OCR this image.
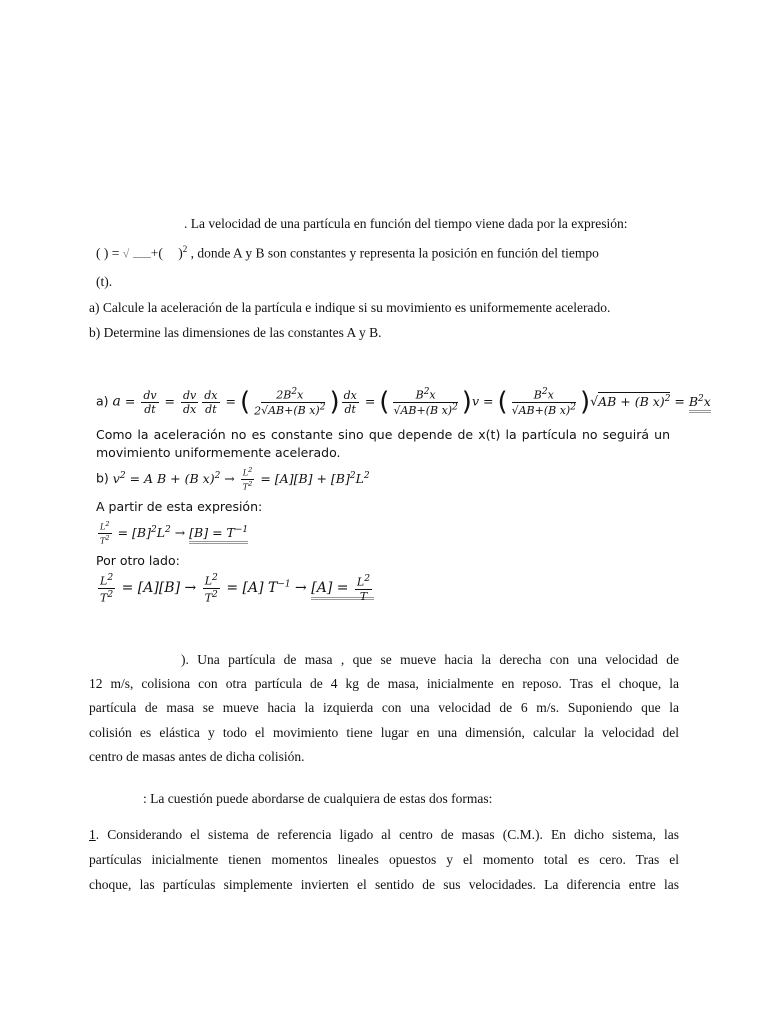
. La velocidad de una partícula en función del tiempo viene dada por la expresión:
( ) = √ +( )$^2$ , donde A y B son constantes y representa la posición en función del tiempo
(t).
a) Calcule la aceleración de la partícula e indique si su movimiento es uniformemente acelerado.
b) Determine las dimensiones de las constantes A y B.
a) $a = \frac{dv}{dt} = \frac{dv}{dx} \frac{dx}{dt}$ = ( $\frac{2B^2x}{2√AB+(B x)^2}$ ) $\frac{dx}{dt}$ = ( $\frac{B^2x}{√AB+(B x)^2} )v$ = ( $\frac{B^2x}{√AB+(B x)^2} )√AB + (B$ $x)^2 = B^2x$
Como la aceleración no es constante sino que depende de x(t) la partícula no seguirá un
movimiento uniformemente acelerado.
b) $v^2 = A$ B + (B $x)^2 \to \frac{L^2}{T^2} = [A][B] + [B]^2L^2$
A partir de esta expresión:
$\frac{L^2}{T^2} = [B]^2L^2 \to [B] = T^{-1}$
Por otro lado:
$\frac{L^2}{T^2} = [A][B] \to \frac{L^2}{T^2} = [A] T^{-1} \to [A] = \frac{L^2}{T}$
). Una partícula de masa , que se mueve hacia la derecha con una velocidad de
12 m/s, colisiona con otra partícula de 4 kg de masa, inicialmente en reposo. Tras el choque, la
partícula de masa se mueve hacia la izquierda con una velocidad de 6 m/s. Suponiendo que la
colisión es elástica y todo el movimiento tiene lugar en una dimensión, calcular la velocidad del
centro de masas antes de dicha colisión.
: La cuestión puede abordarse de cualquiera de estas dos formas:
1. Considerando el sistema de referencia ligado al centro de masas (C.M.). En dicho sistema, las
partículas inicialmente tienen momentos lineales opuestos y el momento total es cero. Tras el
choque, las partículas simplemente invierten el sentido de sus velocidades. La diferencia entre las
